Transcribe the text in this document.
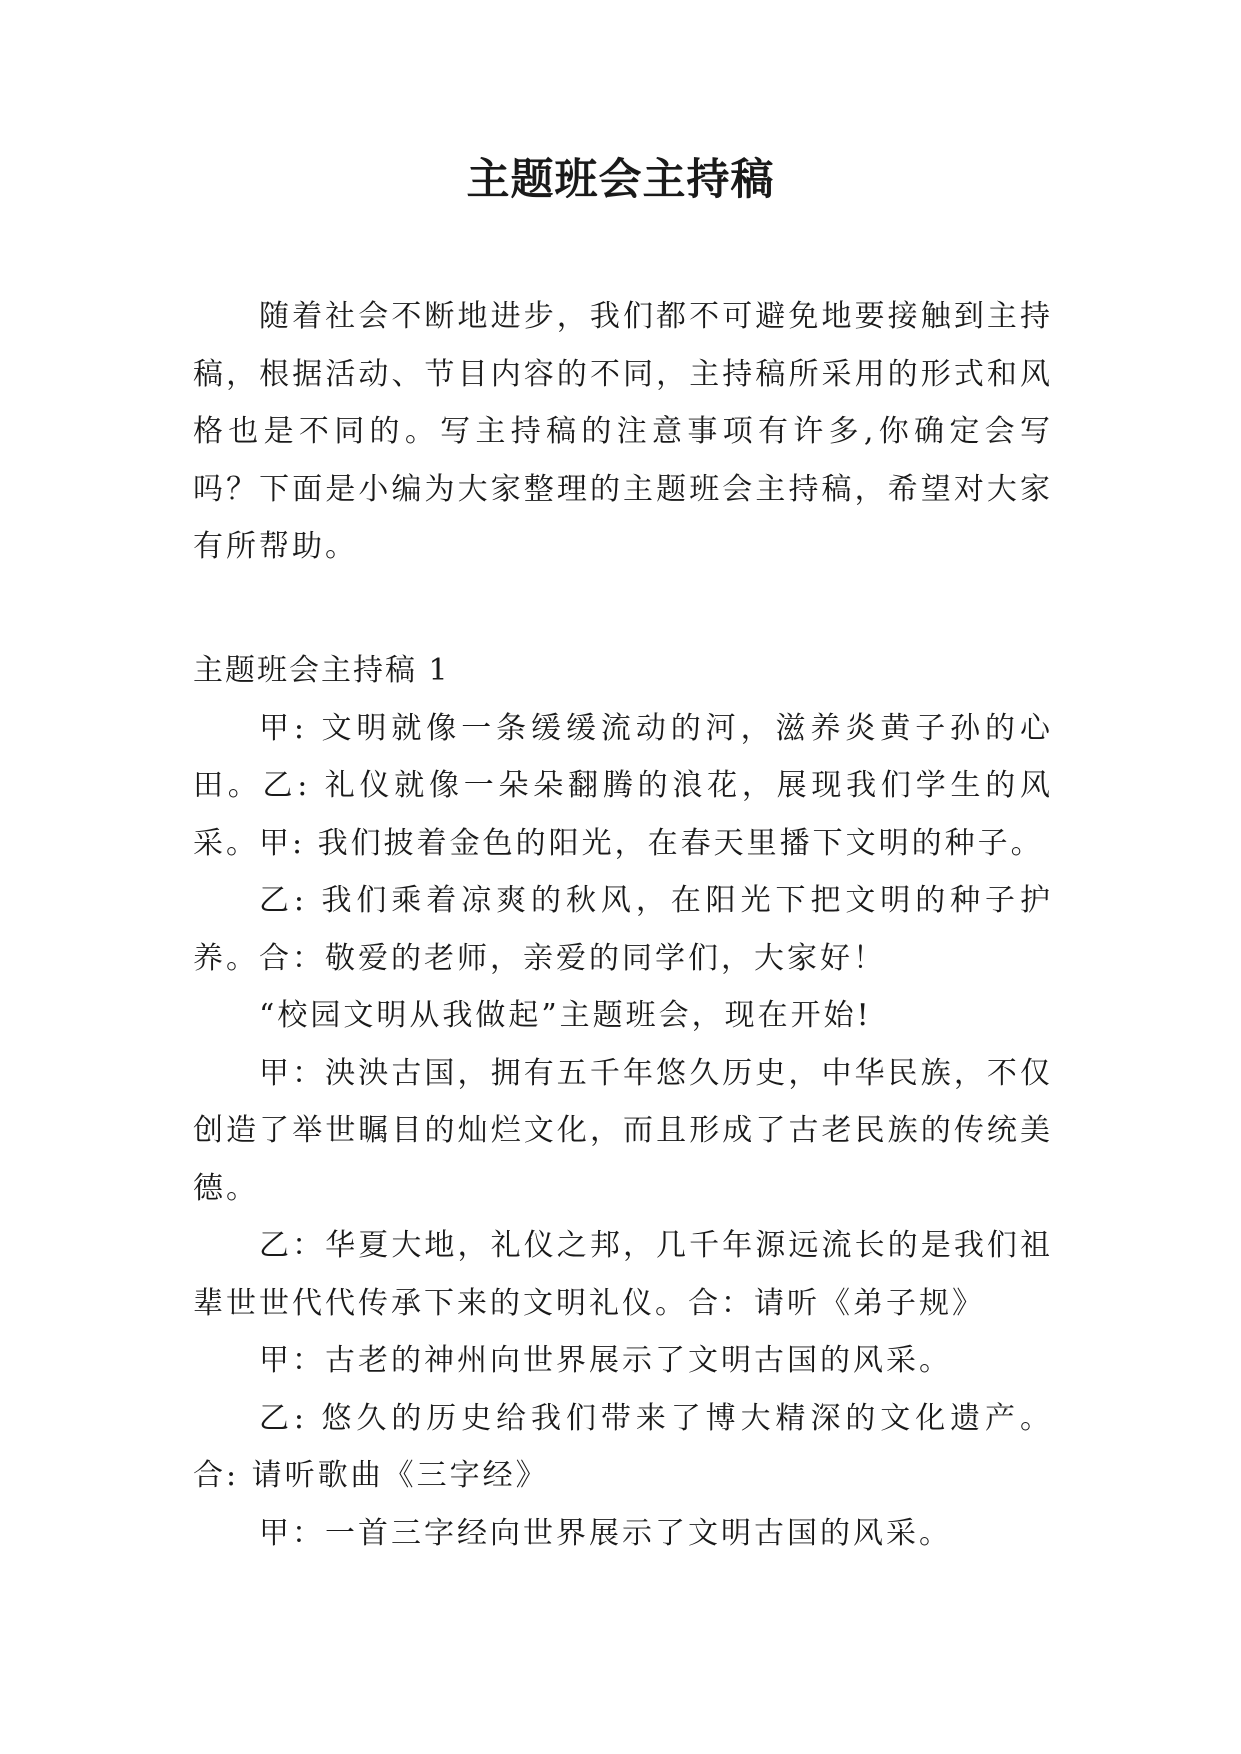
主题班会主持稿

随着社会不断地进步，我们都不可避免地要接触到主持稿，根据活动、节目内容的不同，主持稿所采用的形式和风格也是不同的。写主持稿的注意事项有许多,你确定会写吗？下面是小编为大家整理的主题班会主持稿，希望对大家有所帮助。

主题班会主持稿 1

甲: 文明就像一条缓缓流动的河，滋养炎黄子孙的心田。乙: 礼仪就像一朵朵翻腾的浪花，展现我们学生的风采。甲: 我们披着金色的阳光，在春天里播下文明的种子。

乙: 我们乘着凉爽的秋风，在阳光下把文明的种子护养。合：敬爱的老师，亲爱的同学们，大家好！

“校园文明从我做起”主题班会，现在开始!

甲：泱泱古国，拥有五千年悠久历史，中华民族，不仅创造了举世瞩目的灿烂文化，而且形成了古老民族的传统美德。

乙：华夏大地，礼仪之邦，几千年源远流长的是我们祖辈世世代代传承下来的文明礼仪。合：请听《弟子规》

甲：古老的神州向世界展示了文明古国的风采。

乙: 悠久的历史给我们带来了博大精深的文化遗产。合: 请听歌曲《三字经》

甲：一首三字经向世界展示了文明古国的风采。
